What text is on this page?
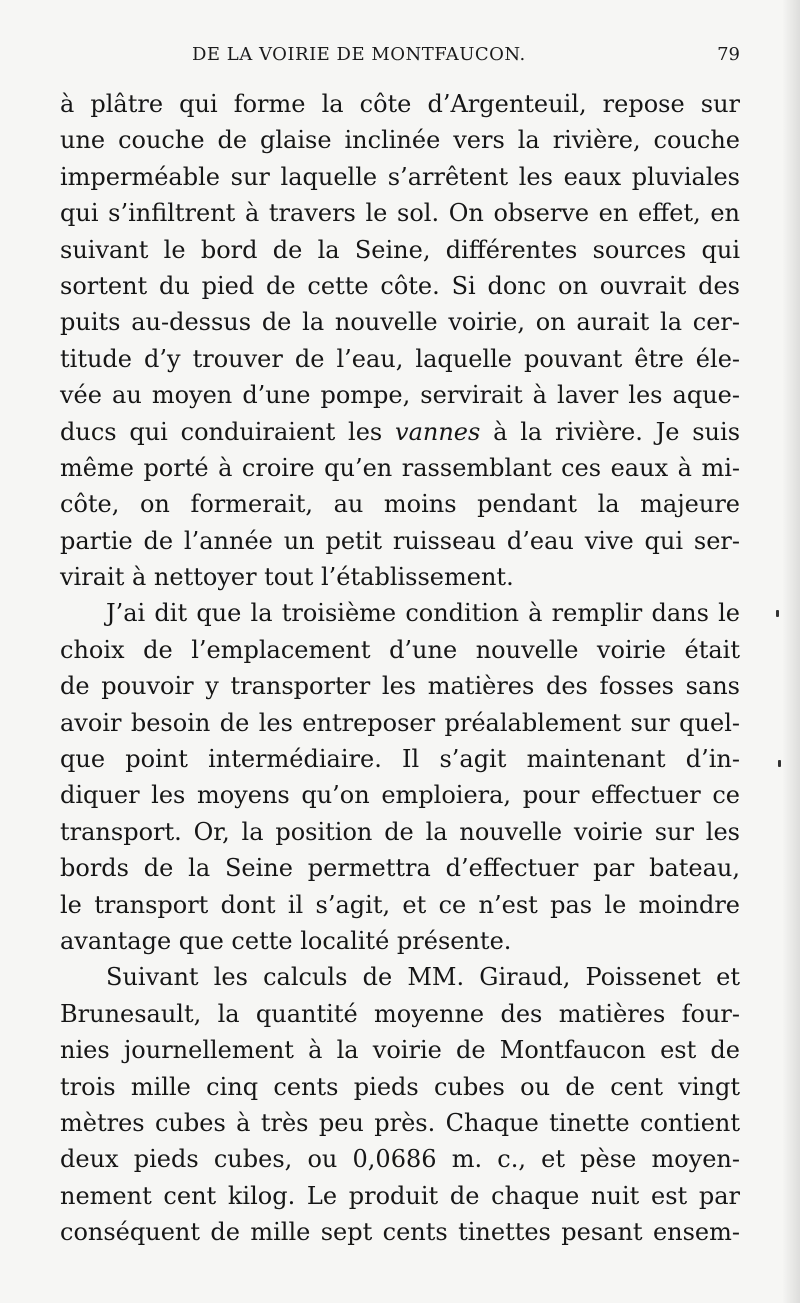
DE LA VOIRIE DE MONTFAUCON.	79
à plâtre qui forme la côte d’Argenteuil, repose sur
une couche de glaise inclinée vers la rivière, couche
imperméable sur laquelle s’arrêtent les eaux pluviales
qui s’infiltrent à travers le sol. On observe en effet, en
suivant le bord de la Seine, différentes sources qui
sortent du pied de cette côte. Si donc on ouvrait des
puits au-dessus de la nouvelle voirie, on aurait la cer-
titude d’y trouver de l’eau, laquelle pouvant être éle-
vée au moyen d’une pompe, servirait à laver les aque-
ducs qui conduiraient les vannes à la rivière. Je suis
même porté à croire qu’en rassemblant ces eaux à mi-
côte, on formerait, au moins pendant la majeure
partie de l’année un petit ruisseau d’eau vive qui ser-
virait à nettoyer tout l’établissement.
J’ai dit que la troisième condition à remplir dans le
choix de l’emplacement d’une nouvelle voirie était
de pouvoir y transporter les matières des fosses sans
avoir besoin de les entreposer préalablement sur quel-
que point intermédiaire. Il s’agit maintenant d’in-
diquer les moyens qu’on emploiera, pour effectuer ce
transport. Or, la position de la nouvelle voirie sur les
bords de la Seine permettra d’effectuer par bateau,
le transport dont il s’agit, et ce n’est pas le moindre
avantage que cette localité présente.
Suivant les calculs de MM. Giraud, Poissenet et
Brunesault, la quantité moyenne des matières four-
nies journellement à la voirie de Montfaucon est de
trois mille cinq cents pieds cubes ou de cent vingt
mètres cubes à très peu près. Chaque tinette contient
deux pieds cubes, ou 0,0686 m. c., et pèse moyen-
nement cent kilog. Le produit de chaque nuit est par
conséquent de mille sept cents tinettes pesant ensem-
